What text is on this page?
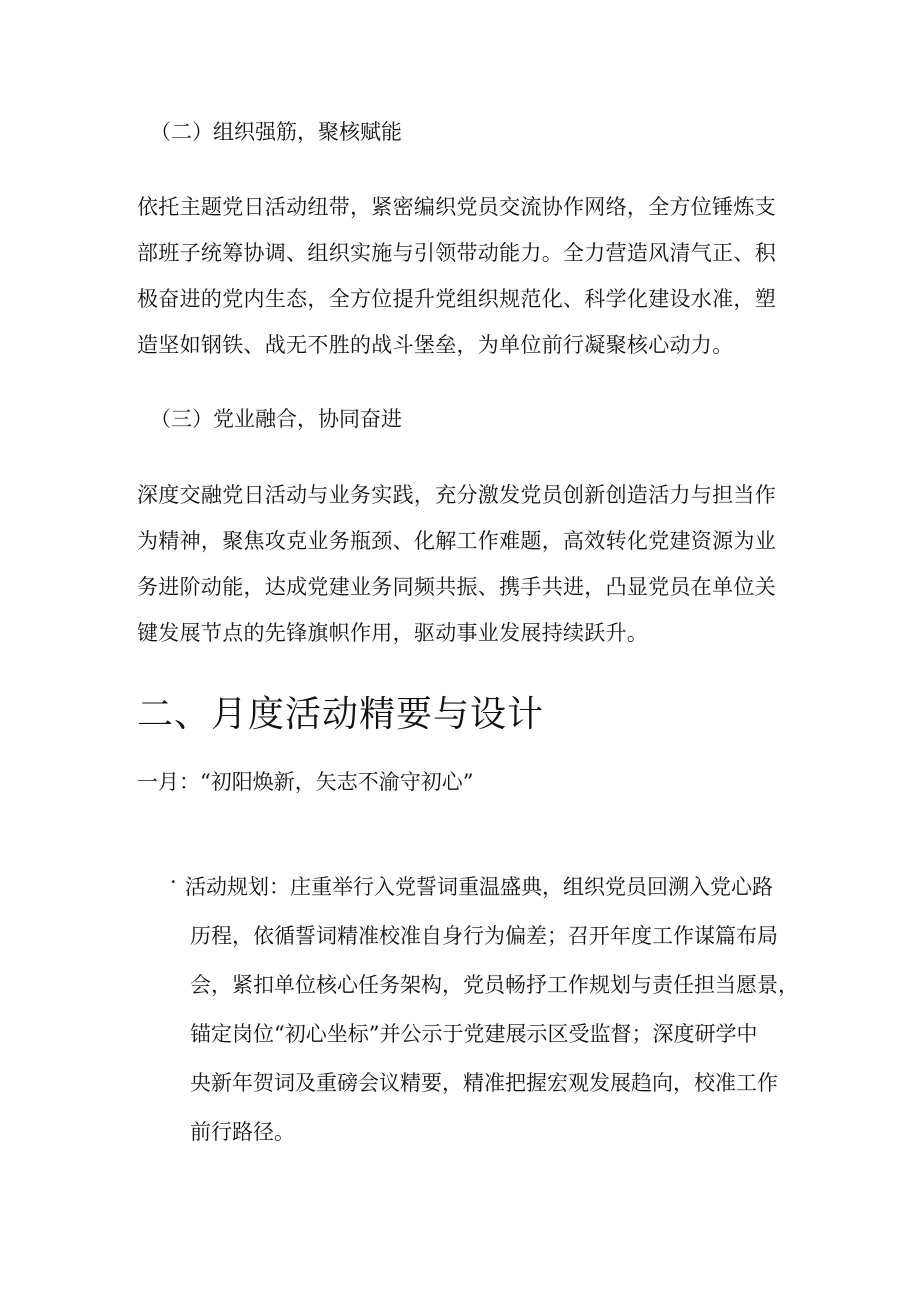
（二）组织强筋，聚核赋能
依托主题党日活动纽带，紧密编织党员交流协作网络，全方位锤炼支
部班子统筹协调、组织实施与引领带动能力。全力营造风清气正、积
极奋进的党内生态，全方位提升党组织规范化、科学化建设水准，塑
造坚如钢铁、战无不胜的战斗堡垒，为单位前行凝聚核心动力。
（三）党业融合，协同奋进
深度交融党日活动与业务实践，充分激发党员创新创造活力与担当作
为精神，聚焦攻克业务瓶颈、化解工作难题，高效转化党建资源为业
务进阶动能，达成党建业务同频共振、携手共进，凸显党员在单位关
键发展节点的先锋旗帜作用，驱动事业发展持续跃升。
二、月度活动精要与设计
一月：“初阳焕新，矢志不渝守初心”
· 活动规划：庄重举行入党誓词重温盛典，组织党员回溯入党心路
历程，依循誓词精准校准自身行为偏差；召开年度工作谋篇布局
会，紧扣单位核心任务架构，党员畅抒工作规划与责任担当愿景，
锚定岗位“初心坐标”并公示于党建展示区受监督；深度研学中
央新年贺词及重磅会议精要，精准把握宏观发展趋向，校准工作
前行路径。
